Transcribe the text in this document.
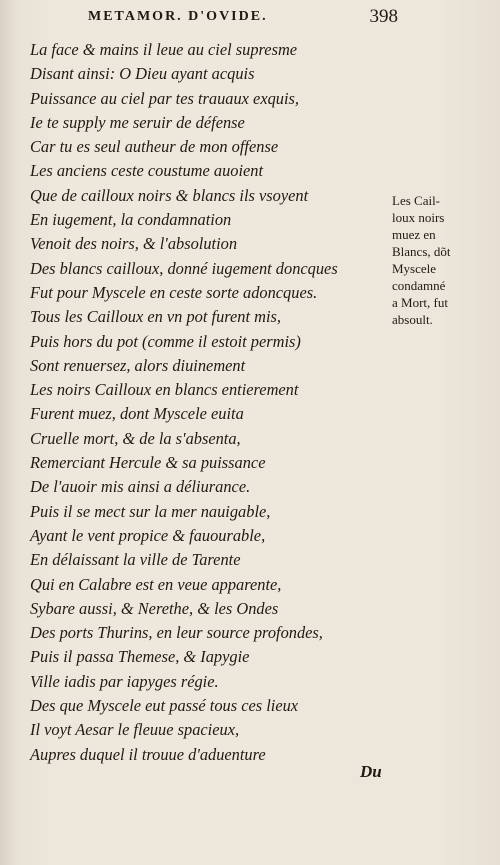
METAMOR. D'OVIDE.	398
La face & mains il leue au ciel supresme
Disant ainsi: O Dieu ayant acquis
Puissance au ciel par tes trauaux exquis,
Ie te supply me seruir de défense
Car tu es seul autheur de mon offense
Les anciens ceste coustume auoient
Que de cailloux noirs & blancs ils vsoyent
En iugement, la condamnation
Venoit des noirs, & l'absolution
Des blancs cailloux, donné iugement doncques
Fut pour Myscele en ceste sorte adoncques.
Tous les Cailloux en vn pot furent mis,
Puis hors du pot (comme il estoit permis)
Sont renuersez, alors diuinement
Les noirs Cailloux en blancs entierement
Furent muez, dont Myscele euita
Cruelle mort, & de la s'absenta,
Remerciant Hercule & sa puissance
De l'auoir mis ainsi a déliurance.
Puis il se mect sur la mer nauigable,
Ayant le vent propice & fauourable,
En délaissant la ville de Tarente
Qui en Calabre est en veue apparente,
Sybare aussi, & Nerethe, & les Ondes
Des ports Thurins, en leur source profondes,
Puis il passa Themese, & Iapygie
Ville iadis par iapyges régie.
Des que Myscele eut passé tous ces lieux
Il voyt Aesar le fleuue spacieux,
Aupres duquel il trouue d'aduenture
Les Cail-
loux noirs
muez en
Blancs, dõt
Myscele
condamné
a Mort, fut
absoult.
Du
